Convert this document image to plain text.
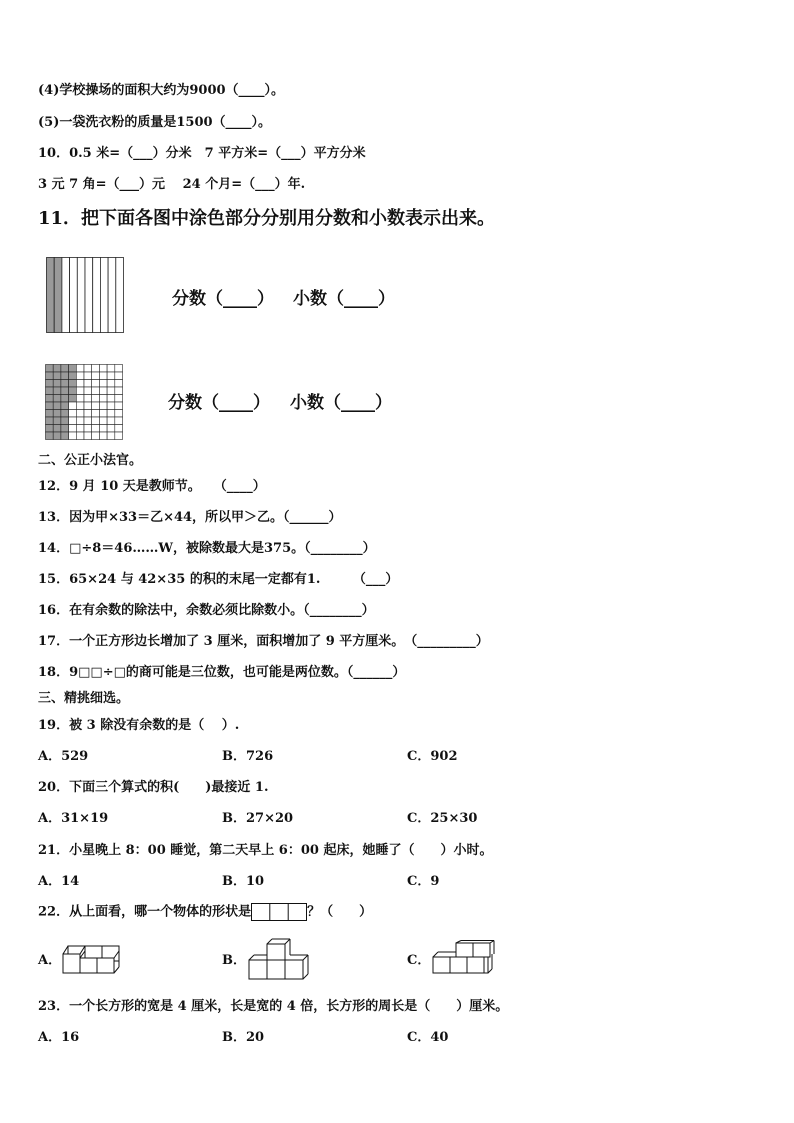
(4)学校操场的面积大约为9000（____）。
(5)一袋洗衣粉的质量是1500（____）。
10．0.5 米=（___）分米　7 平方米=（___）平方分米
3 元 7 角=（___）元　 24 个月=（___）年.
11．把下面各图中涂色部分分别用分数和小数表示出来。
分数（____） 小数（____）
分数（____） 小数（____）
二、公正小法官。
12．9 月 10 天是教师节。　　（____）
13．因为甲×33＝乙×44，所以甲＞乙。（______）
14．□÷8＝46……W，被除数最大是375。（________）
15．65×24 与 42×35 的积的末尾一定都有1.　　　（___）
16．在有余数的除法中，余数必须比除数小。（________）
17．一个正方形边长增加了 3 厘米，面积增加了 9 平方厘米。　（_________）
18．9□□÷□的商可能是三位数，也可能是两位数。（______）
三、精挑细选。
19．被 3 除没有余数的是（　 ）.
A．529	B．726	C．902
20．下面三个算式的积(　　)最接近 1.
A．31×19	B．27×20	C．25×30
21．小星晚上 8：00 睡觉，第二天早上 6：00 起床，她睡了（　　）小时。
A．14	B．10	C．9
22．从上面看，哪一个物体的形状是	？（　　）
A．	B．	C．
23．一个长方形的宽是 4 厘米，长是宽的 4 倍，长方形的周长是（　　）厘米。
A．16	B．20	C．40
